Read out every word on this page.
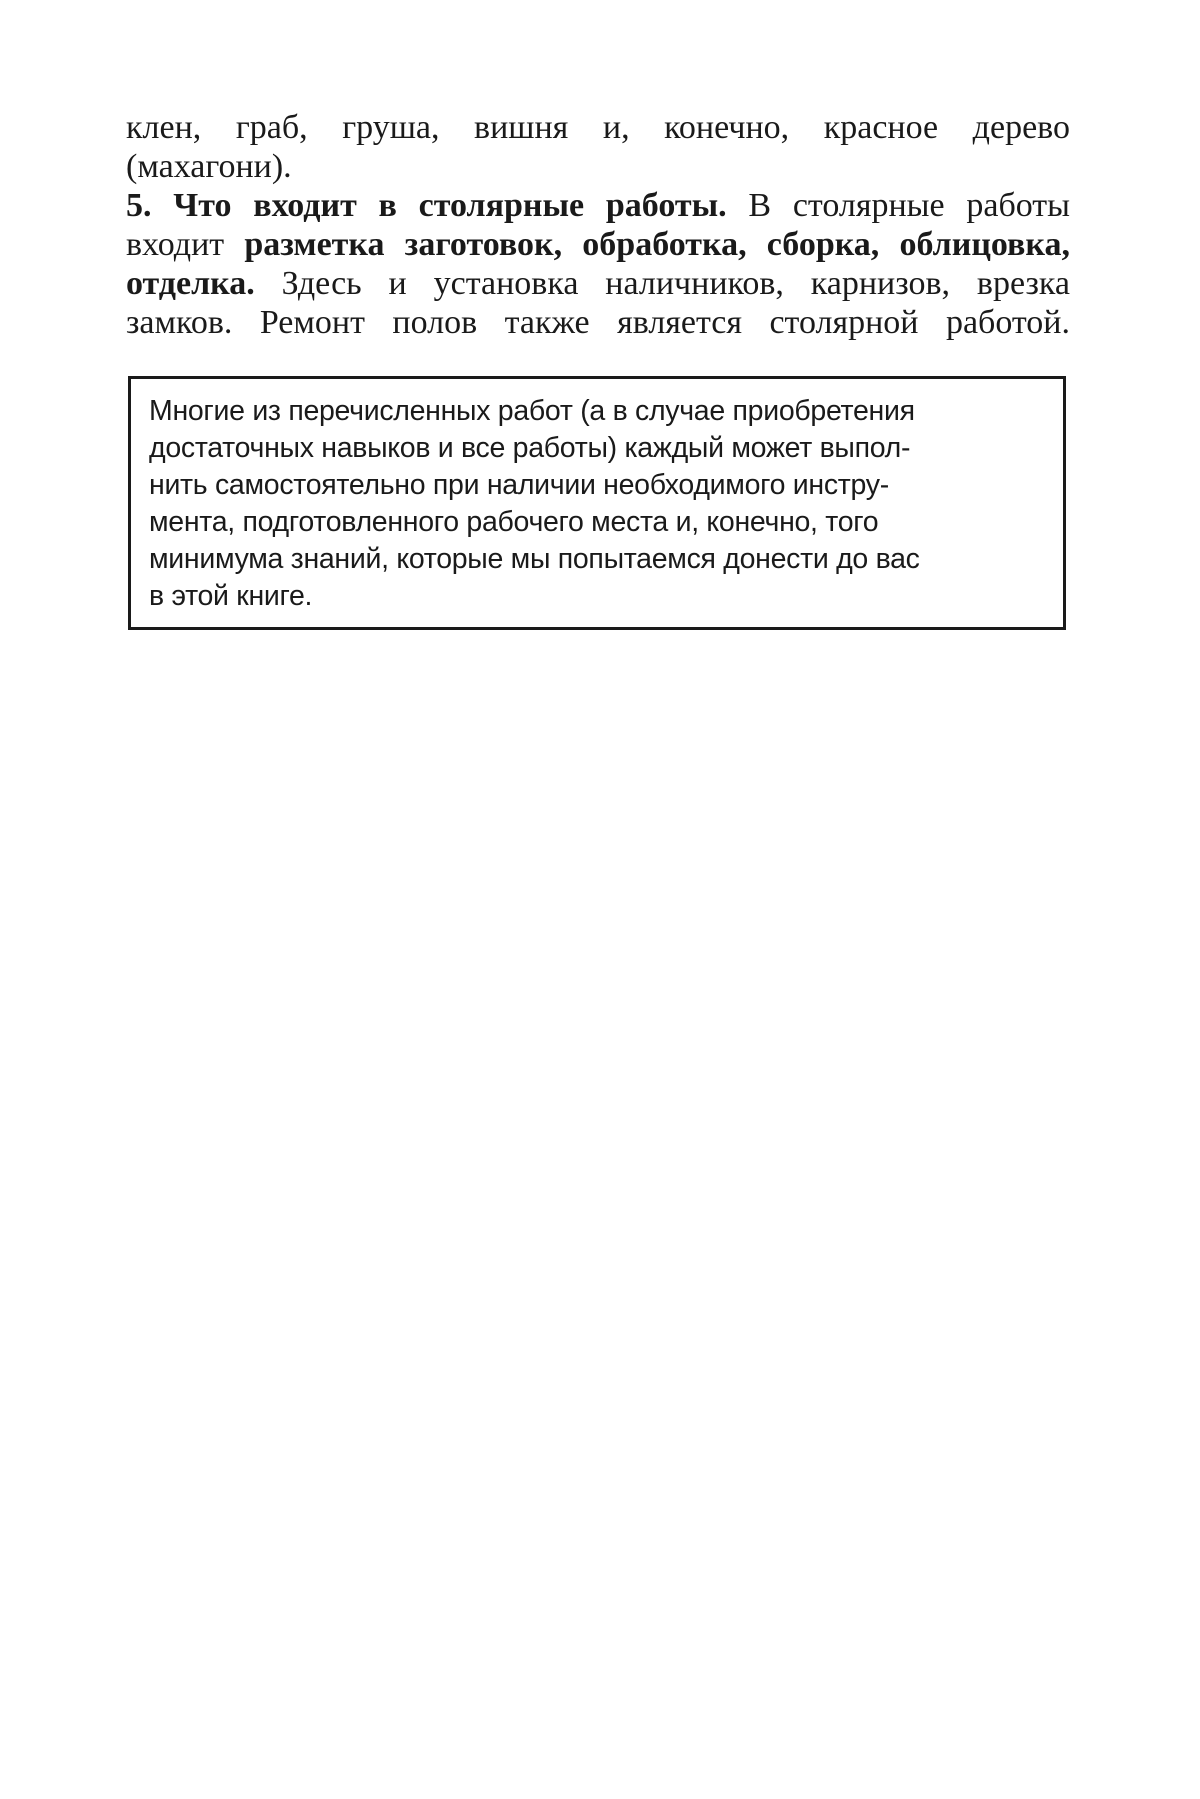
клен, граб, груша, вишня и, конечно, красное дерево
(махагони).
5. Что входит в столярные работы. В столярные работы
входит разметка заготовок, обработка, сборка, облицовка,
отделка. Здесь и установка наличников, карнизов, врезка
замков. Ремонт полов также является столярной работой.
Многие из перечисленных работ (а в случае приобретения
достаточных навыков и все работы) каждый может выпол-
нить самостоятельно при наличии необходимого инстру-
мента, подготовленного рабочего места и, конечно, того
минимума знаний, которые мы попытаемся донести до вас
в этой книге.
